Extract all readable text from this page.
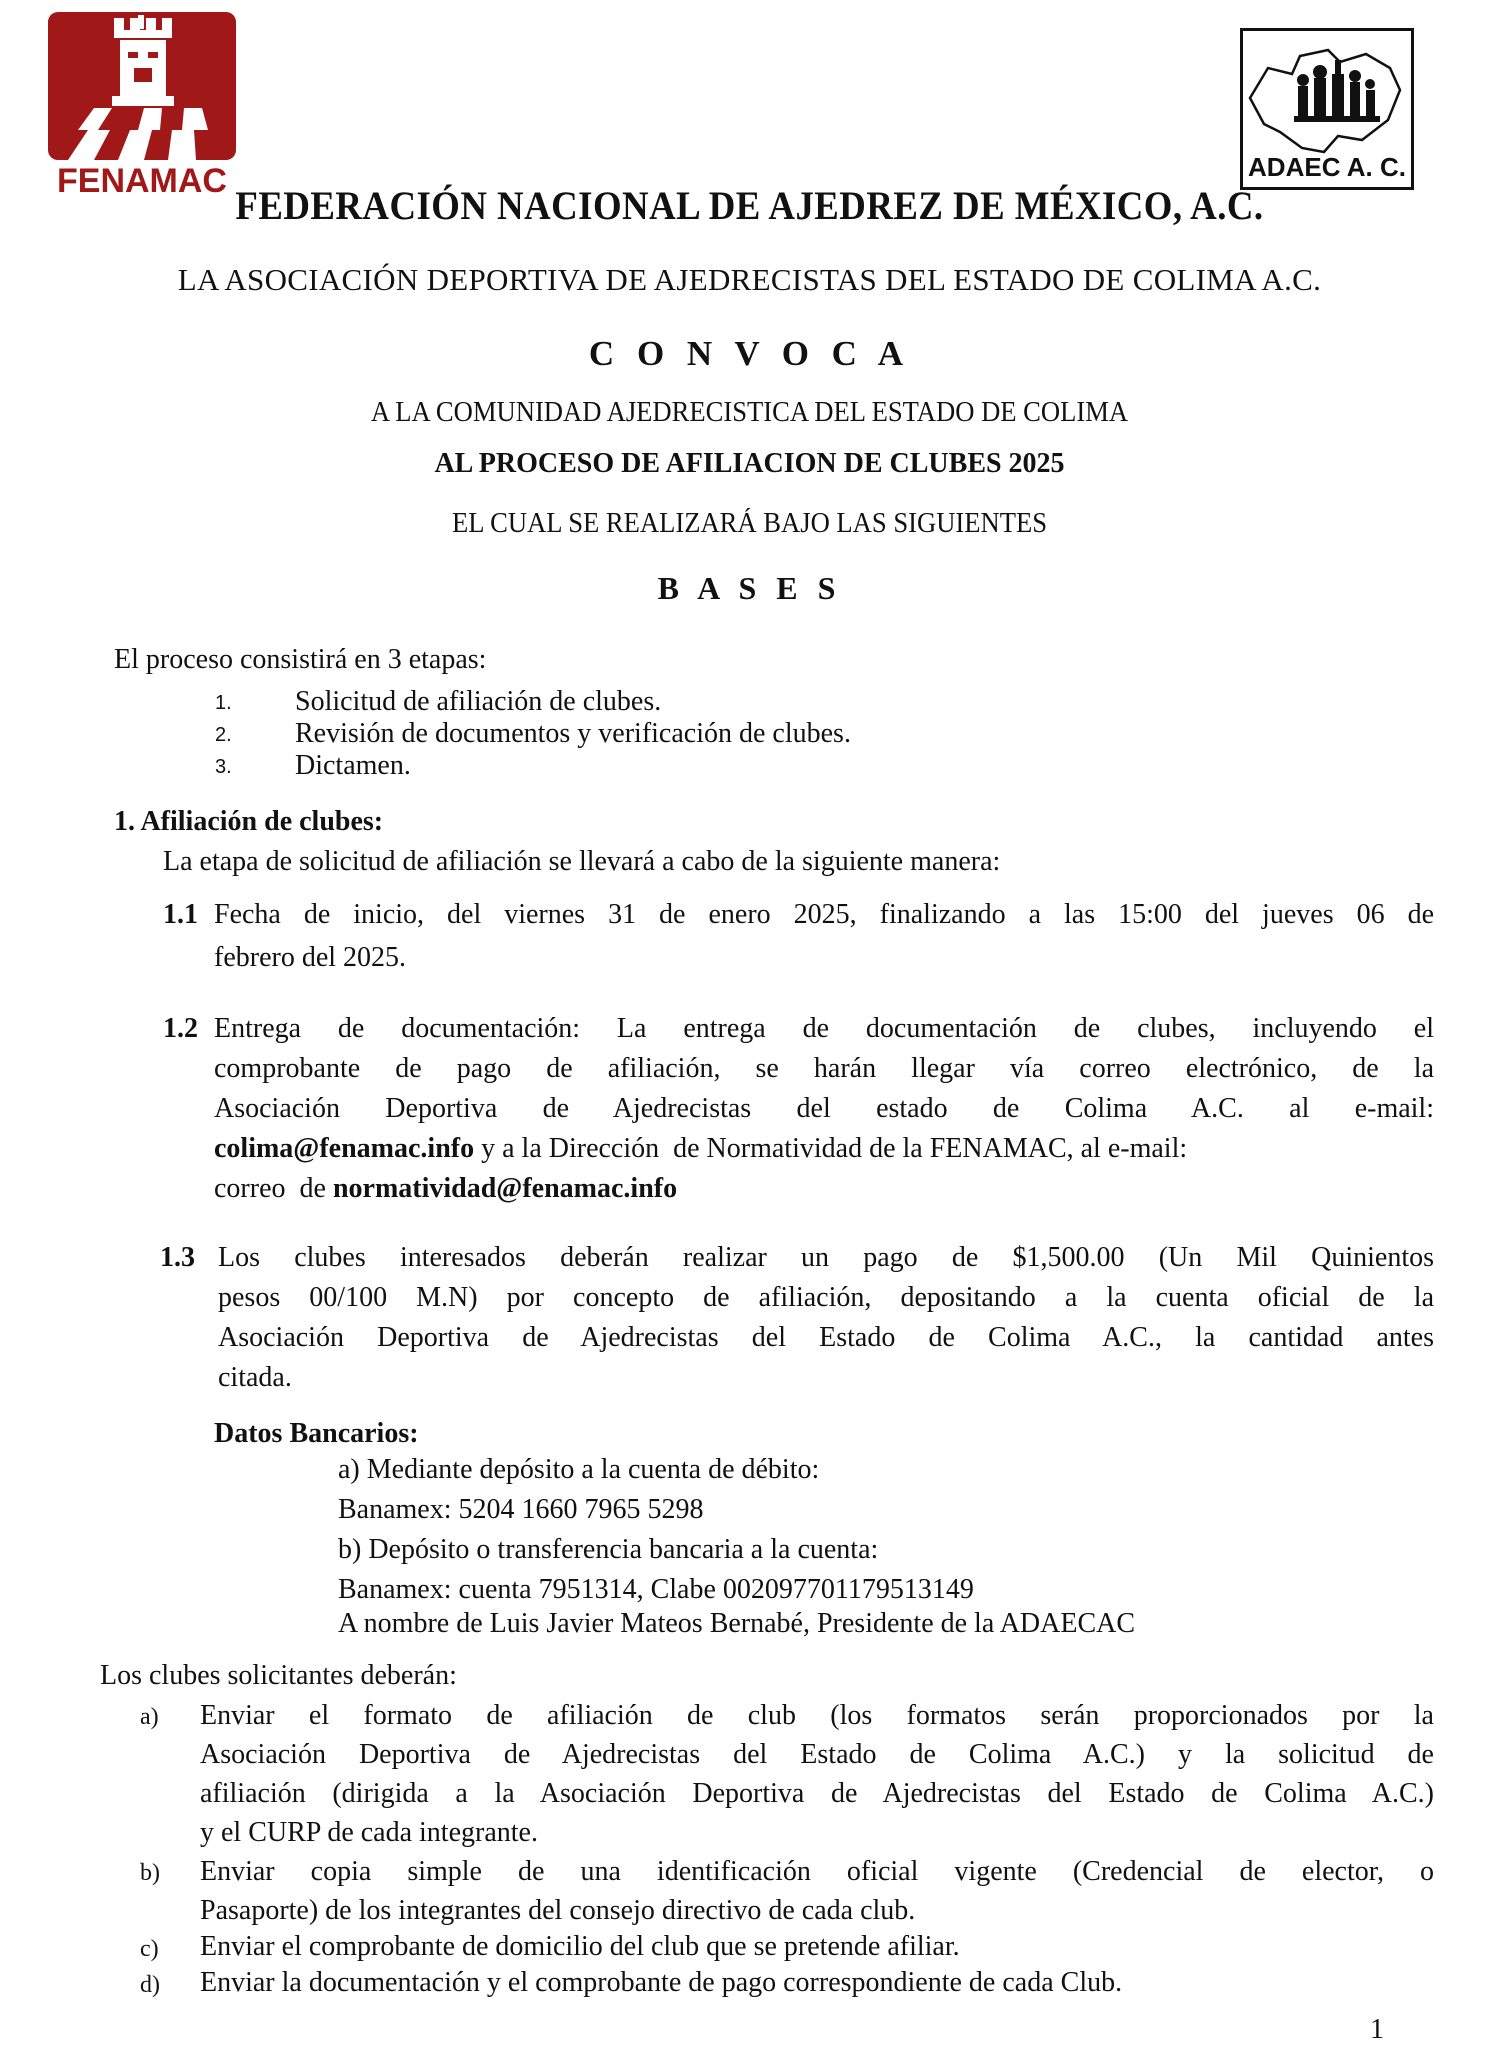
FENAMAC	ADAEC A. C.
FEDERACIÓN NACIONAL DE AJEDREZ DE MÉXICO, A.C.
LA ASOCIACIÓN DEPORTIVA DE AJEDRECISTAS DEL ESTADO DE COLIMA A.C.
C O N V O C A
A LA COMUNIDAD AJEDRECISTICA DEL ESTADO DE COLIMA
AL PROCESO DE AFILIACION DE CLUBES 2025
EL CUAL SE REALIZARÁ BAJO LAS SIGUIENTES
B A S E S
El proceso consistirá en 3 etapas:
1.	Solicitud de afiliación de clubes.
2.	Revisión de documentos y verificación de clubes.
3.	Dictamen.
1. Afiliación de clubes:
La etapa de solicitud de afiliación se llevará a cabo de la siguiente manera:
1.1 Fecha de inicio, del viernes 31 de enero 2025, finalizando a las 15:00 del jueves 06 de
febrero del 2025.
1.2 Entrega de documentación: La entrega de documentación de clubes, incluyendo el
comprobante de pago de afiliación, se harán llegar vía correo electrónico, de la
Asociación Deportiva de Ajedrecistas del estado de Colima A.C. al e-mail:
colima@fenamac.info y a la Dirección  de Normatividad de la FENAMAC, al e-mail:
correo  de normatividad@fenamac.info
1.3 Los clubes interesados deberán realizar un pago de $1,500.00 (Un Mil Quinientos
pesos 00/100 M.N) por concepto de afiliación, depositando a la cuenta oficial de la
Asociación Deportiva de Ajedrecistas del Estado de Colima A.C., la cantidad antes
citada.
Datos Bancarios:
a) Mediante depósito a la cuenta de débito:
Banamex: 5204 1660 7965 5298
b) Depósito o transferencia bancaria a la cuenta:
Banamex: cuenta 7951314, Clabe 002097701179513149
A nombre de Luis Javier Mateos Bernabé, Presidente de la ADAECAC
Los clubes solicitantes deberán:
a)	Enviar el formato de afiliación de club (los formatos serán proporcionados por la
Asociación Deportiva de Ajedrecistas del Estado de Colima A.C.) y la solicitud de
afiliación (dirigida a la Asociación Deportiva de Ajedrecistas del Estado de Colima A.C.)
y el CURP de cada integrante.
b)	Enviar copia simple de una identificación oficial vigente (Credencial de elector, o
Pasaporte) de los integrantes del consejo directivo de cada club.
c)	Enviar el comprobante de domicilio del club que se pretende afiliar.
d)	Enviar la documentación y el comprobante de pago correspondiente de cada Club.
1
